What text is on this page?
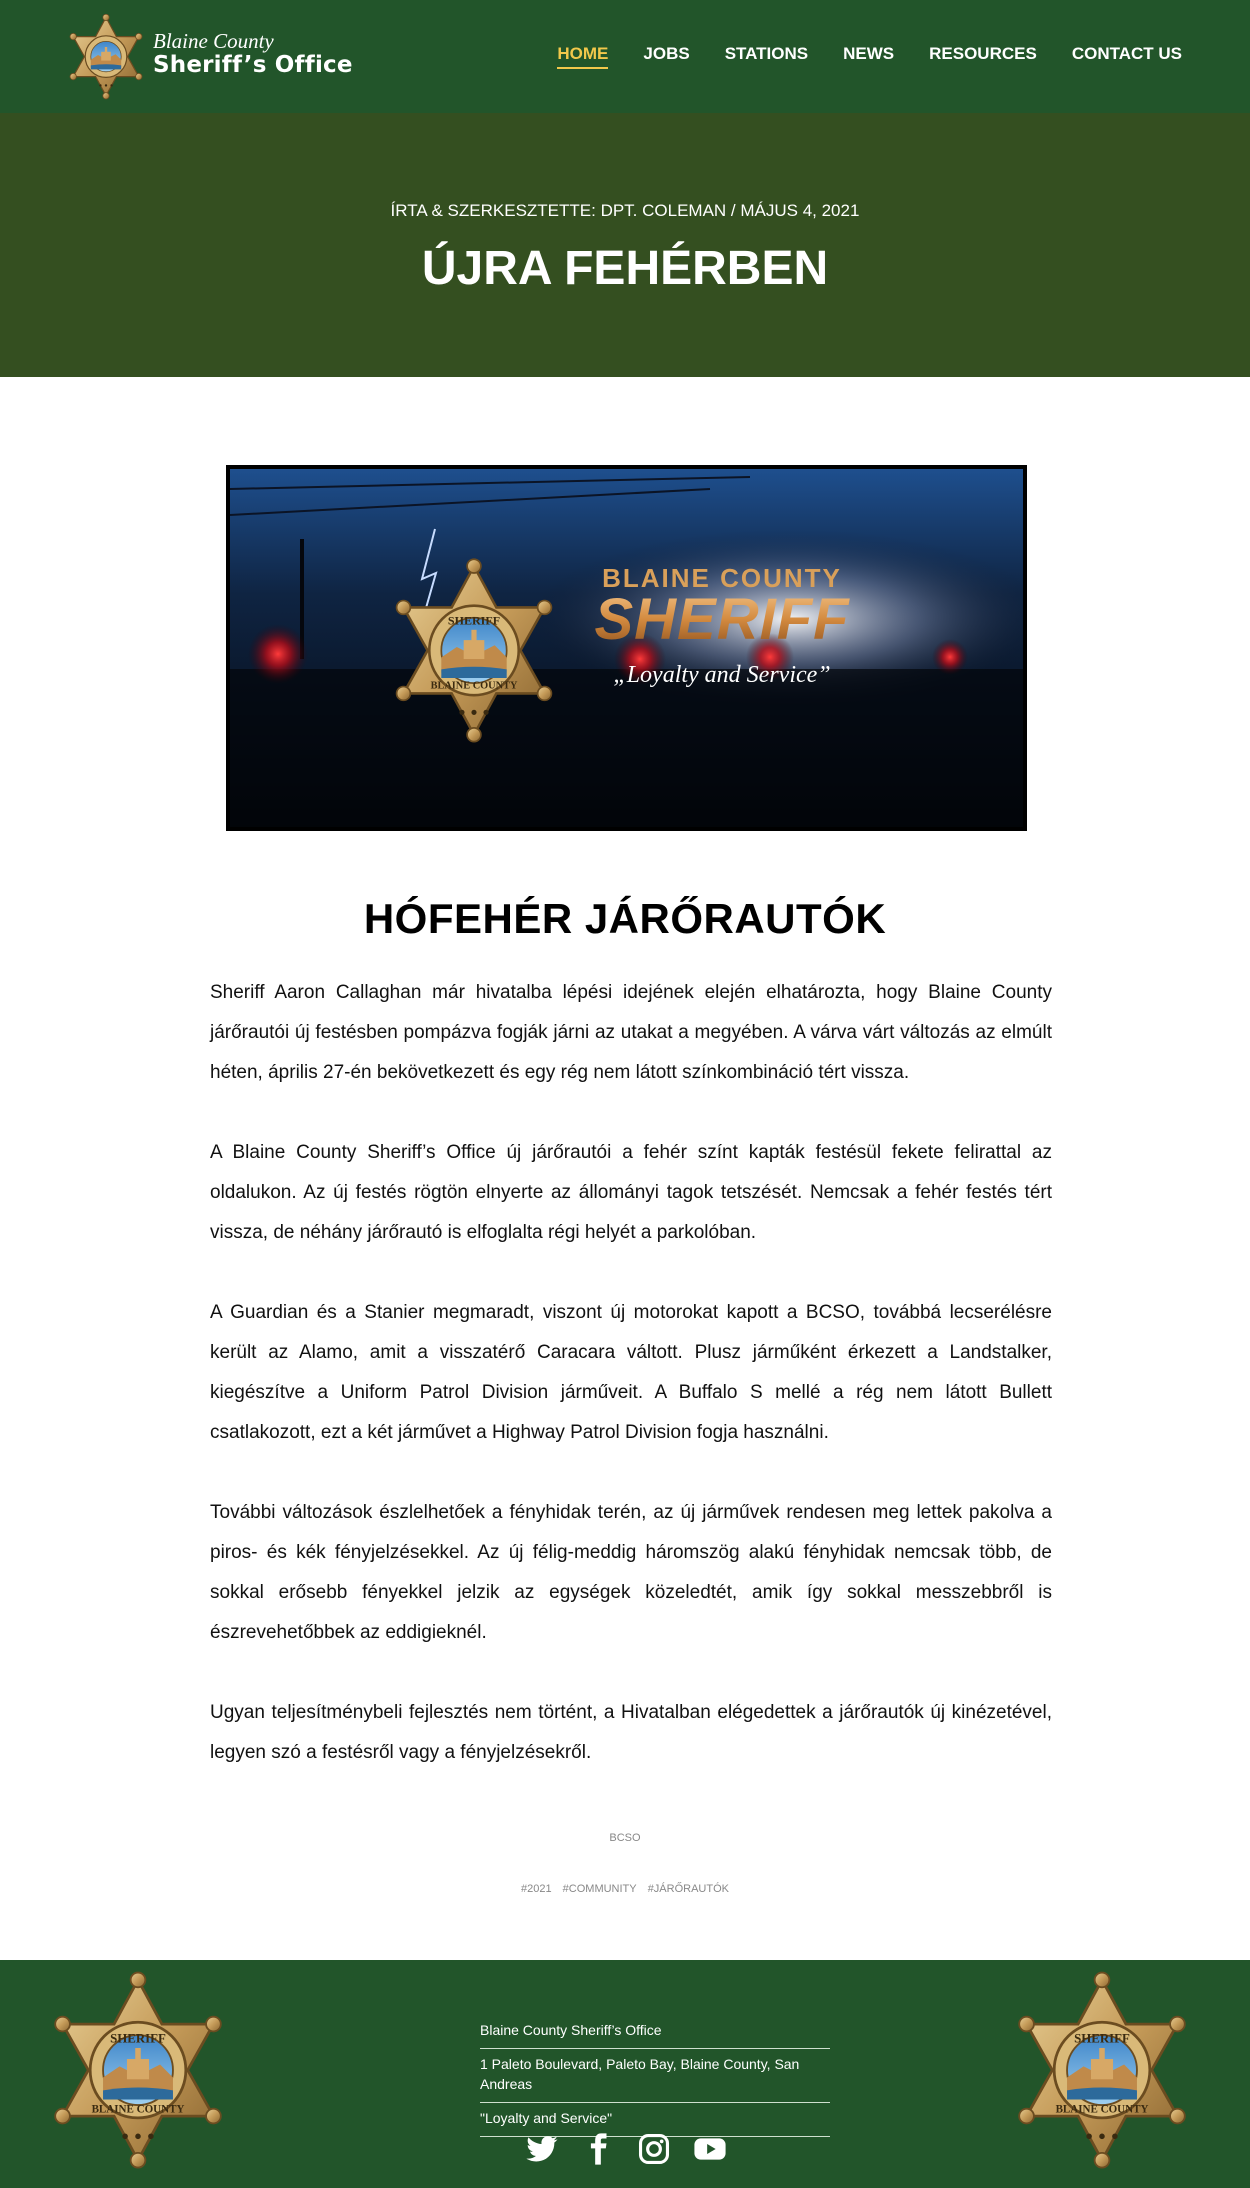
Blaine County
Sheriff’s Office	HOME JOBS STATIONS NEWS RESOURCES CONTACT US
ÍRTA & SZERKESZTETTE: DPT. COLEMAN / MÁJUS 4, 2021
ÚJRA FEHÉRBEN
SHERIFF
BLAINE COUNTY
BLAINE COUNTY
SHERIFF
„Loyalty and Service”
HÓFEHÉR JÁRŐRAUTÓK

Sheriff Aaron Callaghan már hivatalba lépési idejének elején elhatározta, hogy Blaine County járőrautói új festésben pompázva fogják járni az utakat a megyében. A várva várt változás az elmúlt héten, április 27-én bekövetkezett és egy rég nem látott színkombináció tért vissza.

A Blaine County Sheriff’s Office új járőrautói a fehér színt kapták festésül fekete felirattal az oldalukon. Az új festés rögtön elnyerte az állományi tagok tetszését. Nemcsak a fehér festés tért vissza, de néhány járőrautó is elfoglalta régi helyét a parkolóban.

A Guardian és a Stanier megmaradt, viszont új motorokat kapott a BCSO, továbbá lecserélésre került az Alamo, amit a visszatérő Caracara váltott. Plusz járműként érkezett a Landstalker, kiegészítve a Uniform Patrol Division járműveit. A Buffalo S mellé a rég nem látott Bullett csatlakozott, ezt a két járművet a Highway Patrol Division fogja használni.

További változások észlelhetőek a fényhidak terén, az új járművek rendesen meg lettek pakolva a piros- és kék fényjelzésekkel. Az új félig-meddig háromszög alakú fényhidak nemcsak több, de sokkal erősebb fényekkel jelzik az egységek közeledtét, amik így sokkal messzebbről is észrevehetőbbek az eddigieknél.

Ugyan teljesítménybeli fejlesztés nem történt, a Hivatalban elégedettek a járőrautók új kinézetével, legyen szó a festésről vagy a fényjelzésekről.

BCSO
#2021 #COMMUNITY #JÁRŐRAUTÓK
SHERIFF
BLAINE COUNTY
Blaine County Sheriff’s Office
1 Paleto Boulevard, Paleto Bay, Blaine County, San Andreas
"Loyalty and Service"
SHERIFF
BLAINE COUNTY
